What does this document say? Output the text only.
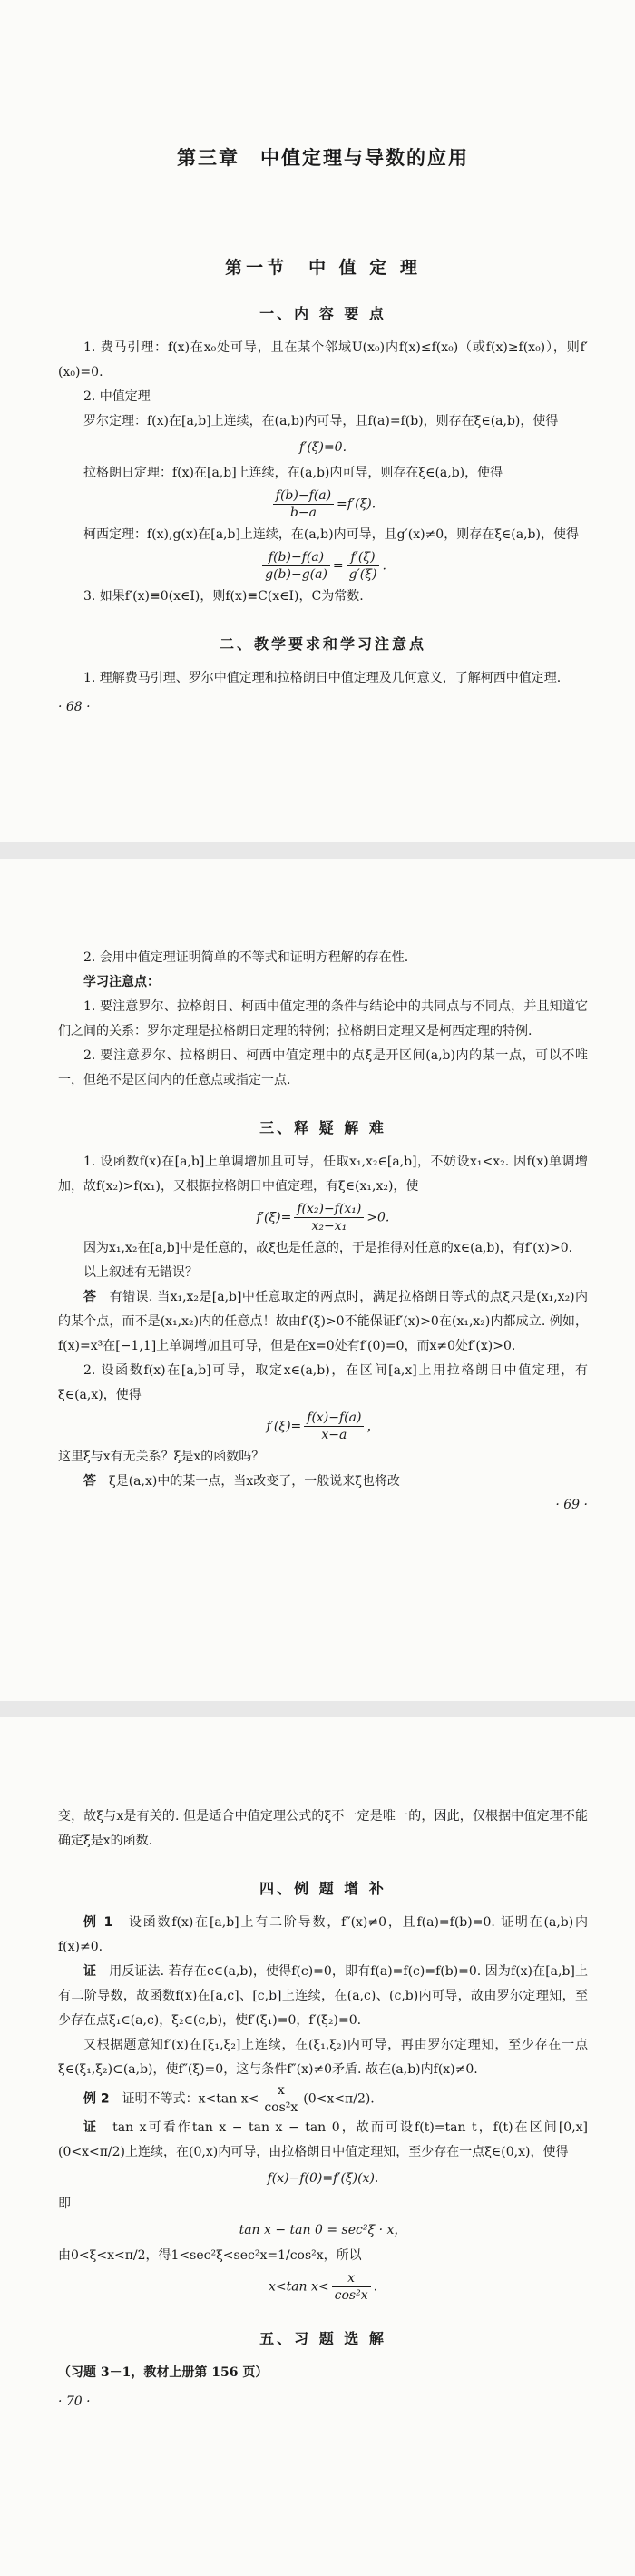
第三章　中值定理与导数的应用
第一节　中 值 定 理
一、内 容 要 点

1. 费马引理：f(x)在x₀处可导，且在某个邻域U(x₀)内f(x)≤f(x₀)（或f(x)≥f(x₀)），则f′(x₀)=0.

2. 中值定理

罗尔定理：f(x)在[a,b]上连续，在(a,b)内可导，且f(a)=f(b)，则存在ξ∈(a,b)，使得

f′(ξ)=0.

拉格朗日定理：f(x)在[a,b]上连续，在(a,b)内可导，则存在ξ∈(a,b)，使得

$\frac{f(b)-f(a)}{b-a} =f'(\xi)$.

柯西定理：f(x),g(x)在[a,b]上连续，在(a,b)内可导，且g′(x)≠0，则存在ξ∈(a,b)，使得

$\frac{f(b)-f(a)}{g(b)-g(a)} = \frac{f'(\xi)}{g'(\xi)}$ .

3. 如果f′(x)≡0(x∈I)，则f(x)≡C(x∈I)，C为常数.

二、教学要求和学习注意点

1. 理解费马引理、罗尔中值定理和拉格朗日中值定理及几何意义，了解柯西中值定理.

· 68 ·

2. 会用中值定理证明简单的不等式和证明方程解的存在性.

学习注意点：

1. 要注意罗尔、拉格朗日、柯西中值定理的条件与结论中的共同点与不同点，并且知道它们之间的关系：罗尔定理是拉格朗日定理的特例；拉格朗日定理又是柯西定理的特例.

2. 要注意罗尔、拉格朗日、柯西中值定理中的点ξ是开区间(a,b)内的某一点，可以不唯一，但绝不是区间内的任意点或指定一点.

三、释 疑 解 难

1. 设函数f(x)在[a,b]上单调增加且可导，任取x₁,x₂∈[a,b]，不妨设x₁<x₂. 因f(x)单调增加，故f(x₂)>f(x₁)，又根据拉格朗日中值定理，有ξ∈(x₁,x₂)，使

$f'(\xi)= \frac{\text{f(x₂)−f(x₁)}}{\text{x₂−x₁}} >0$.

因为x₁,x₂在[a,b]中是任意的，故ξ也是任意的，于是推得对任意的x∈(a,b)，有f′(x)>0.

以上叙述有无错误？

答　 有错误. 当x₁,x₂是[a,b]中任意取定的两点时，满足拉格朗日等式的点ξ只是(x₁,x₂)内的某个点，而不是(x₁,x₂)内的任意点！故由f′(ξ)>0不能保证f′(x)>0在(x₁,x₂)内都成立. 例如，f(x)=x³在[−1,1]上单调增加且可导，但是在x=0处有f′(0)=0，而x≠0处f′(x)>0.

2. 设函数f(x)在[a,b]可导，取定x∈(a,b)，在区间[a,x]上用拉格朗日中值定理，有ξ∈(a,x)，使得

$f'(\xi)= \frac{f(x)-f(a)}{x-a}$ ，

这里ξ与x有无关系？ξ是x的函数吗？

答　 ξ是(a,x)中的某一点，当x改变了，一般说来ξ也将改

· 69 ·

变，故ξ与x是有关的. 但是适合中值定理公式的ξ不一定是唯一的，因此，仅根据中值定理不能确定ξ是x的函数.

四、例 题 增 补

例 1　 设函数f(x)在[a,b]上有二阶导数，f″(x)≠0，且f(a)=f(b)=0. 证明在(a,b)内f(x)≠0.

证　 用反证法. 若存在c∈(a,b)，使得f(c)=0，即有f(a)=f(c)=f(b)=0. 因为f(x)在[a,b]上有二阶导数，故函数f(x)在[a,c]、[c,b]上连续，在(a,c)、(c,b)内可导，故由罗尔定理知，至少存在点ξ₁∈(a,c)，ξ₂∈(c,b)，使f′(ξ₁)=0，f′(ξ₂)=0.

又根据题意知f′(x)在[ξ₁,ξ₂]上连续，在(ξ₁,ξ₂)内可导，再由罗尔定理知，至少存在一点ξ∈(ξ₁,ξ₂)⊂(a,b)，使f″(ξ)=0，这与条件f″(x)≠0矛盾. 故在(a,b)内f(x)≠0.

例 2　 证明不等式：x<tan $x< \frac{x}{\text{cos²x}} (0<x<\pi/2)$.

证　 tan x可看作tan x − tan x − tan 0，故而可设f(t)=tan t，f(t)在区间[0,x](0<x<π/2)上连续，在(0,x)内可导，由拉格朗日中值定理知，至少存在一点ξ∈(0,x)，使得

f(x)−f(0)=f′(ξ)(x).

即

tan x − tan 0 = sec²ξ · x，

由0<ξ<x<π/2，得1<sec²ξ<sec²x=1/cos²x，所以

x<tan $x< \frac{x}{\text{cos²x}}$ .
五、习 题 选 解

（习题 3－1，教材上册第 156 页）

· 70 ·
